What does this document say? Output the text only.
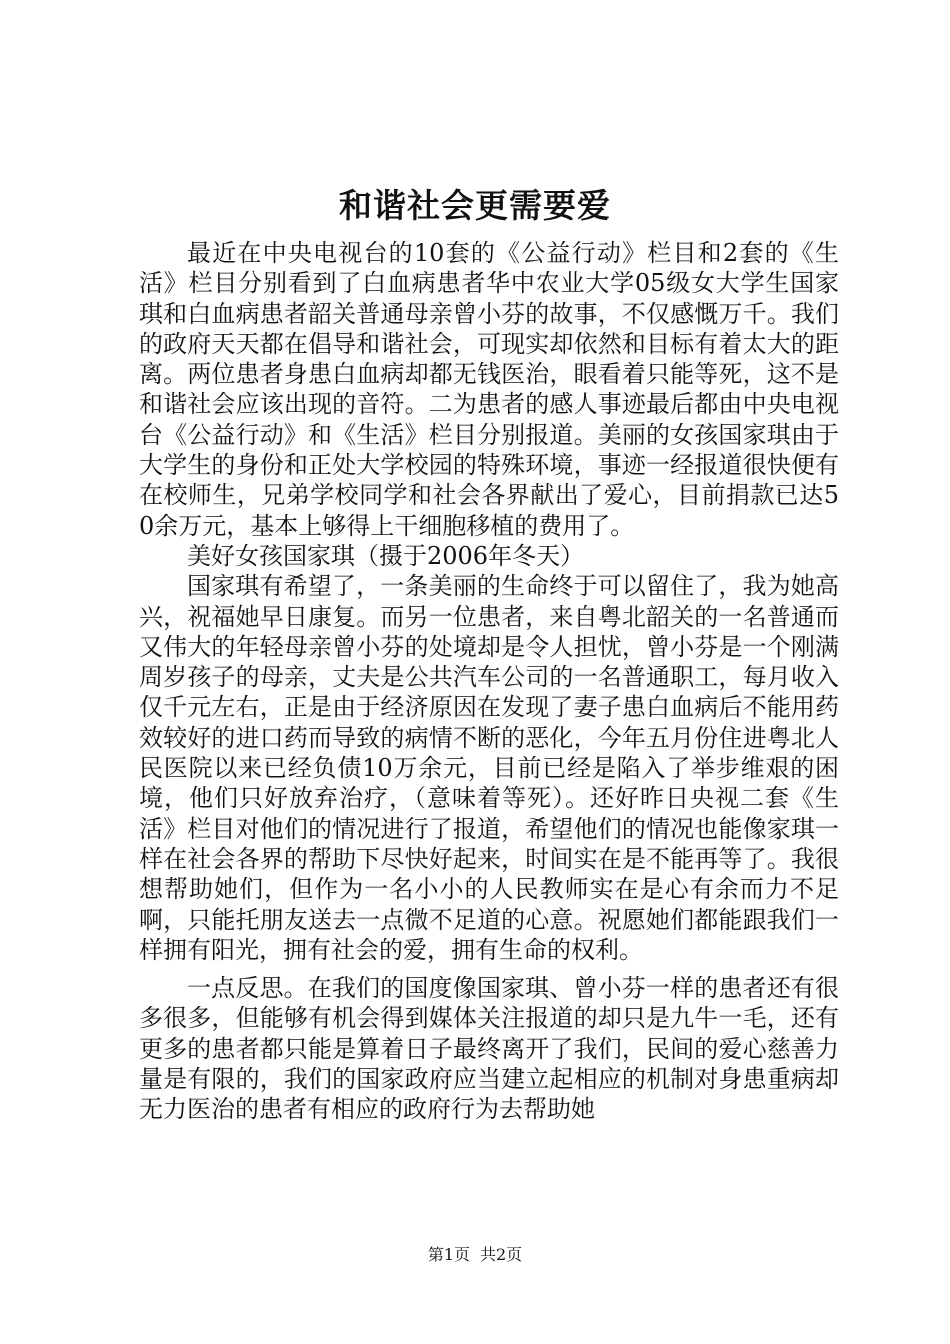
和谐社会更需要爱

最近在中央电视台的10套的《公益行动》栏目和2套的《生活》栏目分别看到了白血病患者华中农业大学05级女大学生国家琪和白血病患者韶关普通母亲曾小芬的故事，不仅感慨万千。我们的政府天天都在倡导和谐社会，可现实却依然和目标有着太大的距离。两位患者身患白血病却都无钱医治，眼看着只能等死，这不是和谐社会应该出现的音符。二为患者的感人事迹最后都由中央电视台《公益行动》和《生活》栏目分别报道。美丽的女孩国家琪由于大学生的身份和正处大学校园的特殊环境，事迹一经报道很快便有在校师生，兄弟学校同学和社会各界献出了爱心，目前捐款已达50余万元，基本上够得上干细胞移植的费用了。

美好女孩国家琪（摄于2006年冬天）

国家琪有希望了，一条美丽的生命终于可以留住了，我为她高兴，祝福她早日康复。而另一位患者，来自粤北韶关的一名普通而又伟大的年轻母亲曾小芬的处境却是令人担忧，曾小芬是一个刚满周岁孩子的母亲，丈夫是公共汽车公司的一名普通职工，每月收入仅千元左右，正是由于经济原因在发现了妻子患白血病后不能用药效较好的进口药而导致的病情不断的恶化，今年五月份住进粤北人民医院以来已经负债10万余元，目前已经是陷入了举步维艰的困境，他们只好放弃治疗，（意味着等死）。还好昨日央视二套《生活》栏目对他们的情况进行了报道，希望他们的情况也能像家琪一样在社会各界的帮助下尽快好起来，时间实在是不能再等了。我很想帮助她们，但作为一名小小的人民教师实在是心有余而力不足啊，只能托朋友送去一点微不足道的心意。祝愿她们都能跟我们一样拥有阳光，拥有社会的爱，拥有生命的权利。

一点反思。在我们的国度像国家琪、曾小芬一样的患者还有很多很多，但能够有机会得到媒体关注报道的却只是九牛一毛，还有更多的患者都只能是算着日子最终离开了我们，民间的爱心慈善力量是有限的，我们的国家政府应当建立起相应的机制对身患重病却无力医治的患者有相应的政府行为去帮助她

第1页 共2页
